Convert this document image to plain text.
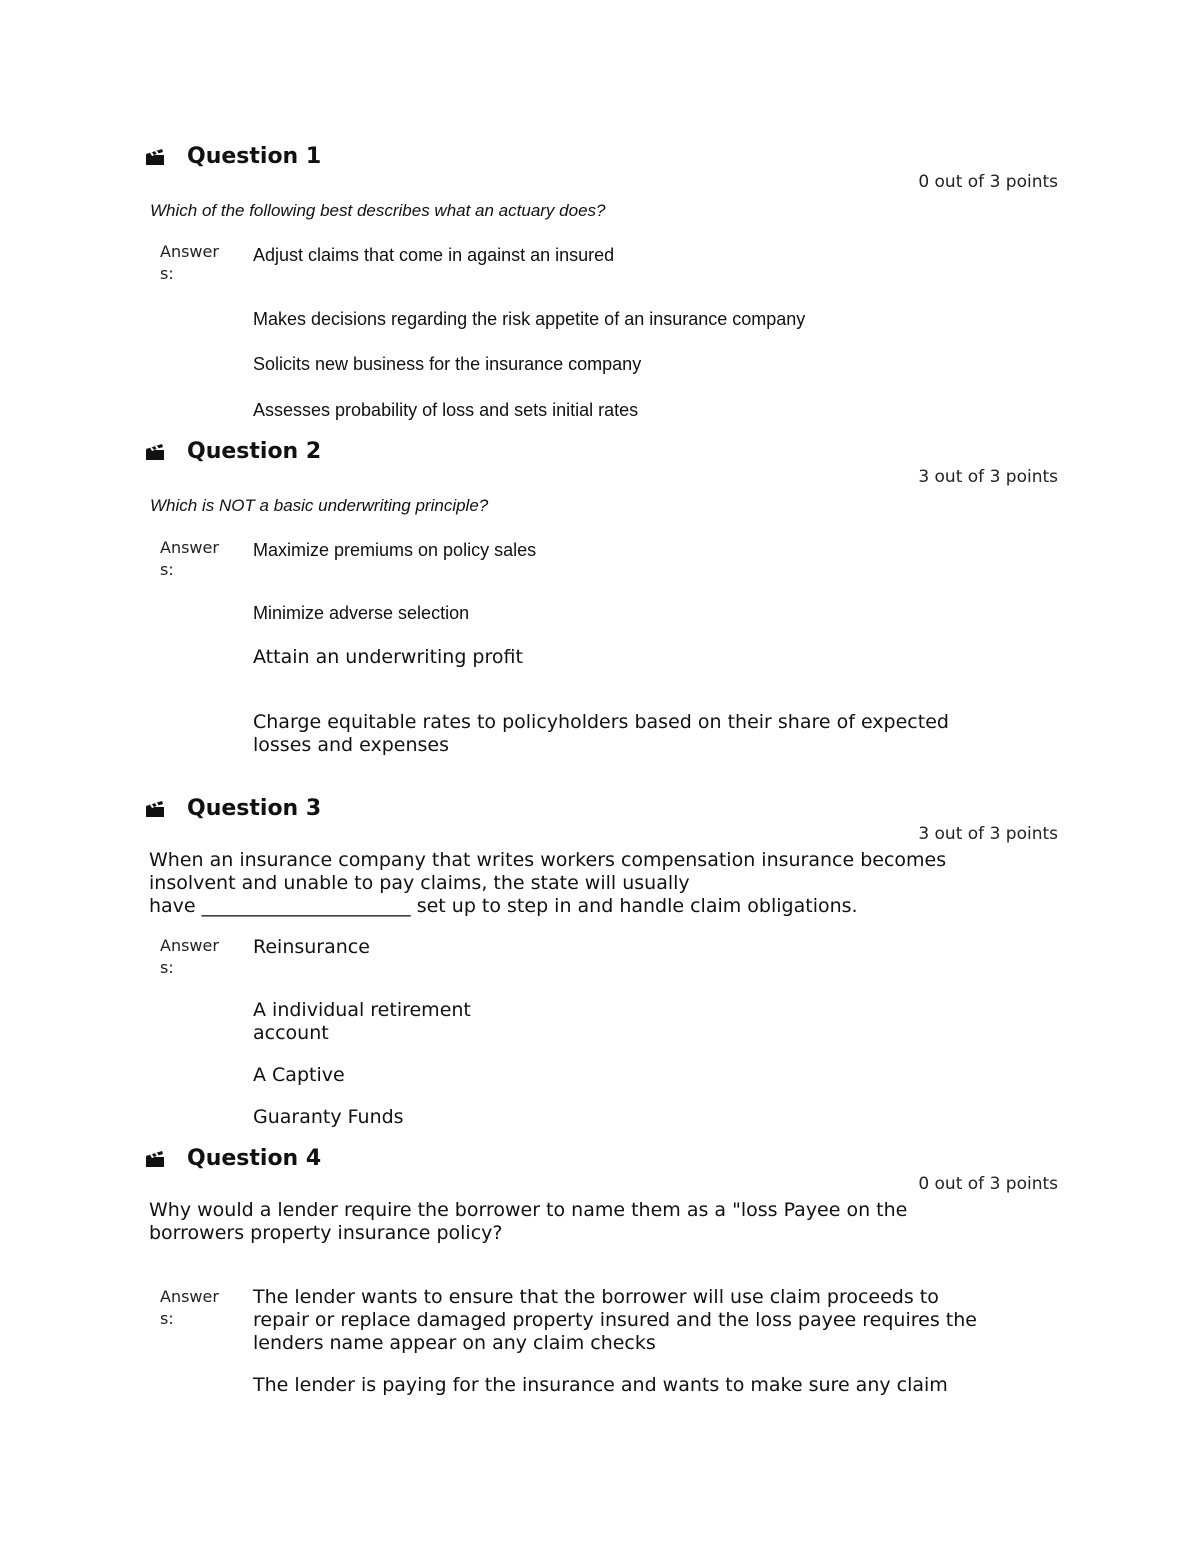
Question 1
0 out of 3 points
Which of the following best describes what an actuary does?
Answer
s:
Adjust claims that come in against an insured
Makes decisions regarding the risk appetite of an insurance company
Solicits new business for the insurance company
Assesses probability of loss and sets initial rates
Question 2
3 out of 3 points
Which is NOT a basic underwriting principle?
Answer
s:
Maximize premiums on policy sales
Minimize adverse selection
Attain an underwriting profit
Charge equitable rates to policyholders based on their share of expected
losses and expenses
Question 3
3 out of 3 points
When an insurance company that writes workers compensation insurance becomes
insolvent and unable to pay claims, the state will usually
have ______________________ set up to step in and handle claim obligations.
Answer
s:
Reinsurance
A individual retirement
account
A Captive
Guaranty Funds
Question 4
0 out of 3 points
Why would a lender require the borrower to name them as a "loss Payee on the
borrowers property insurance policy?
Answer
s:
The lender wants to ensure that the borrower will use claim proceeds to
repair or replace damaged property insured and the loss payee requires the
lenders name appear on any claim checks
The lender is paying for the insurance and wants to make sure any claim
